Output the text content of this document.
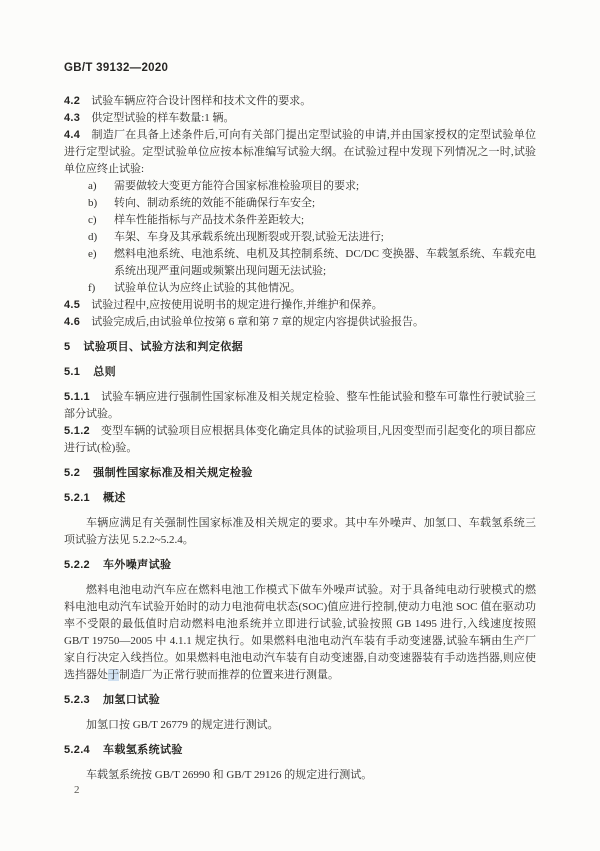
GB/T 39132—2020

4.2 试验车辆应符合设计图样和技术文件的要求。

4.3 供定型试验的样车数量:1 辆。

4.4 制造厂在具备上述条件后,可向有关部门提出定型试验的申请,并由国家授权的定型试验单位进行定型试验。定型试验单位应按本标准编写试验大纲。在试验过程中发现下列情况之一时,试验单位应终止试验:

a)	需要做较大变更方能符合国家标准检验项目的要求;
b)	转向、制动系统的效能不能确保行车安全;
c)	样车性能指标与产品技术条件差距较大;
d)	车架、车身及其承载系统出现断裂或开裂,试验无法进行;
e)	燃料电池系统、电池系统、电机及其控制系统、DC/DC 变换器、车载氢系统、车载充电系统出现严重问题或频繁出现问题无法试验;
f)	试验单位认为应终止试验的其他情况。

4.5 试验过程中,应按使用说明书的规定进行操作,并维护和保养。

4.6 试验完成后,由试验单位按第 6 章和第 7 章的规定内容提供试验报告。

5 试验项目、试验方法和判定依据
5.1 总则

5.1.1 试验车辆应进行强制性国家标准及相关规定检验、整车性能试验和整车可靠性行驶试验三部分试验。

5.1.2 变型车辆的试验项目应根据具体变化确定具体的试验项目,凡因变型而引起变化的项目都应进行试(检)验。

5.2 强制性国家标准及相关规定检验
5.2.1 概述

车辆应满足有关强制性国家标准及相关规定的要求。其中车外噪声、加氢口、车载氢系统三项试验方法见 5.2.2~5.2.4。

5.2.2 车外噪声试验

燃料电池电动汽车应在燃料电池工作模式下做车外噪声试验。对于具备纯电动行驶模式的燃料电池电动汽车试验开始时的动力电池荷电状态(SOC)值应进行控制,使动力电池 SOC 值在驱动功率不受限的最低值时启动燃料电池系统并立即进行试验,试验按照 GB 1495 进行,入线速度按照 GB/T 19750—2005 中 4.1.1 规定执行。如果燃料电池电动汽车装有手动变速器,试验车辆由生产厂家自行决定入线挡位。如果燃料电池电动汽车装有自动变速器,自动变速器装有手动选挡器,则应使选挡器处于制造厂为正常行驶而推荐的位置来进行测量。

5.2.3 加氢口试验

加氢口按 GB/T 26779 的规定进行测试。

5.2.4 车载氢系统试验

车载氢系统按 GB/T 26990 和 GB/T 29126 的规定进行测试。

2
